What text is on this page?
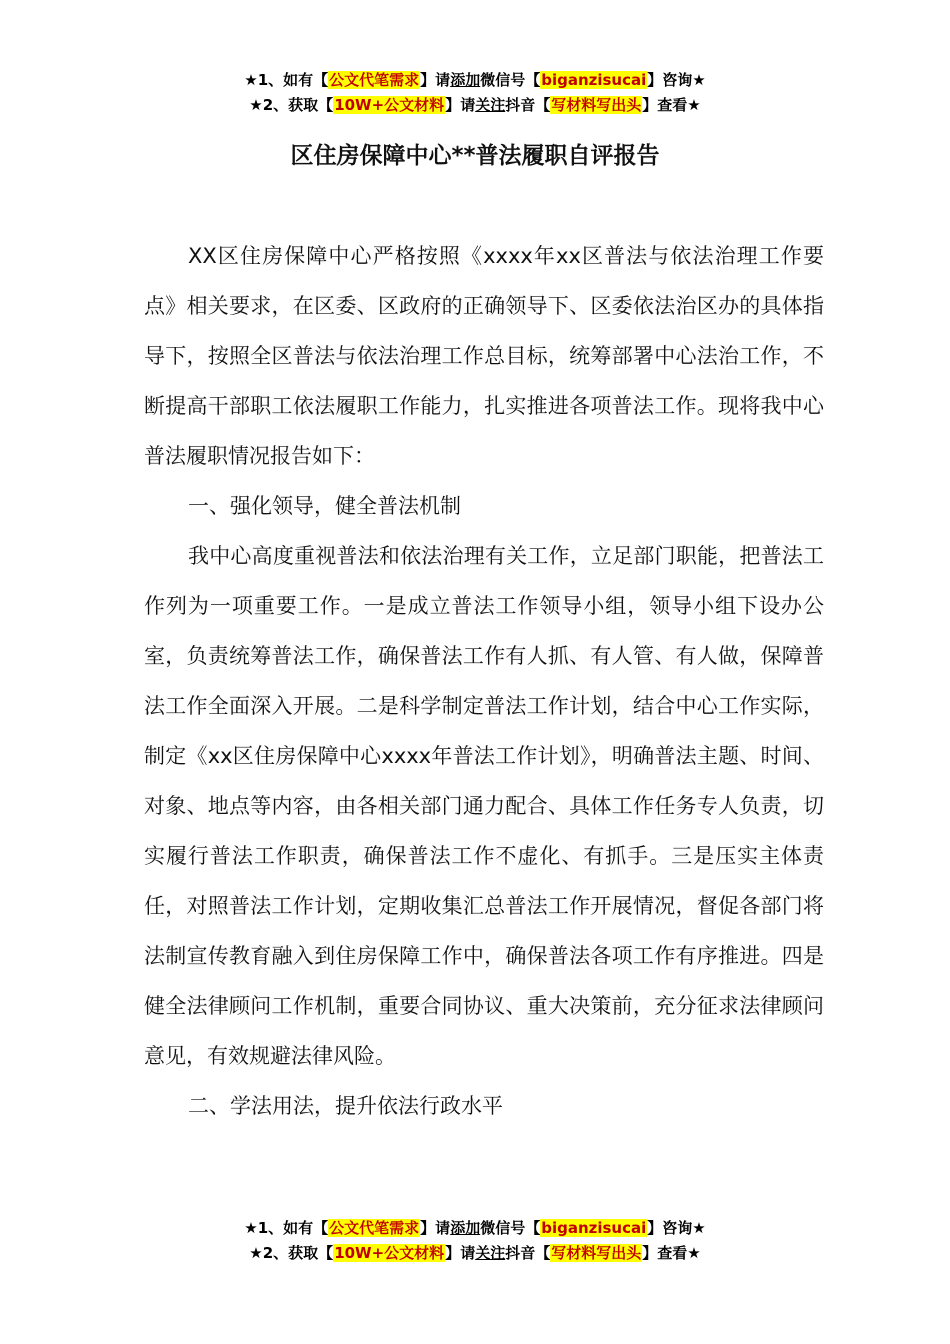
★1、如有【公文代笔需求】请添加微信号【biganzisucai】咨询★
★2、获取【10W+公文材料】请关注抖音【写材料写出头】查看★
区住房保障中心**普法履职自评报告

XX区住房保障中心严格按照《xxxx年xx区普法与依法治理工作要点》相关要求，在区委、区政府的正确领导下、区委依法治区办的具体指导下，按照全区普法与依法治理工作总目标，统筹部署中心法治工作，不断提高干部职工依法履职工作能力，扎实推进各项普法工作。现将我中心普法履职情况报告如下：

一、强化领导，健全普法机制

我中心高度重视普法和依法治理有关工作，立足部门职能，把普法工作列为一项重要工作。一是成立普法工作领导小组，领导小组下设办公室，负责统筹普法工作，确保普法工作有人抓、有人管、有人做，保障普法工作全面深入开展。二是科学制定普法工作计划，结合中心工作实际，制定《xx区住房保障中心xxxx年普法工作计划》，明确普法主题、时间、对象、地点等内容，由各相关部门通力配合、具体工作任务专人负责，切实履行普法工作职责，确保普法工作不虚化、有抓手。三是压实主体责任，对照普法工作计划，定期收集汇总普法工作开展情况，督促各部门将法制宣传教育融入到住房保障工作中，确保普法各项工作有序推进。四是健全法律顾问工作机制，重要合同协议、重大决策前，充分征求法律顾问意见，有效规避法律风险。

二、学法用法，提升依法行政水平

★1、如有【公文代笔需求】请添加微信号【biganzisucai】咨询★
★2、获取【10W+公文材料】请关注抖音【写材料写出头】查看★
